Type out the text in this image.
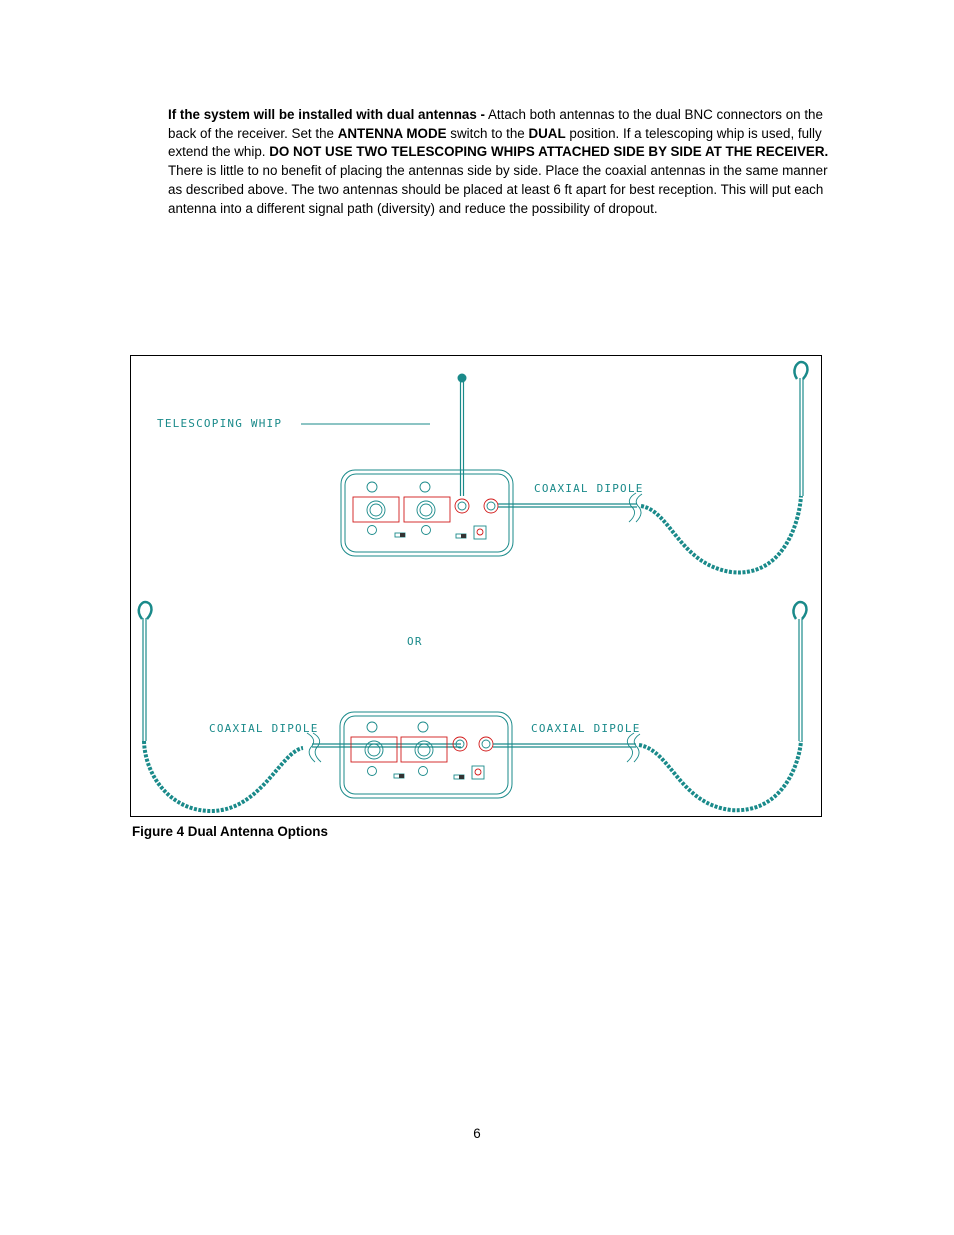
If the system will be installed with dual antennas - Attach both antennas to the dual BNC connectors on the back of the receiver. Set the ANTENNA MODE switch to the DUAL position. If a telescoping whip is used, fully extend the whip. DO NOT USE TWO TELESCOPING WHIPS ATTACHED SIDE BY SIDE AT THE RECEIVER. There is little to no benefit of placing the antennas side by side. Place the coaxial antennas in the same manner as described above. The two antennas should be placed at least 6 ft apart for best reception. This will put each antenna into a different signal path (diversity) and reduce the possibility of dropout.

TELESCOPING WHIP
COAXIAL DIPOLE
OR
COAXIAL DIPOLE	COAXIAL DIPOLE

Figure 4 Dual Antenna Options

6
